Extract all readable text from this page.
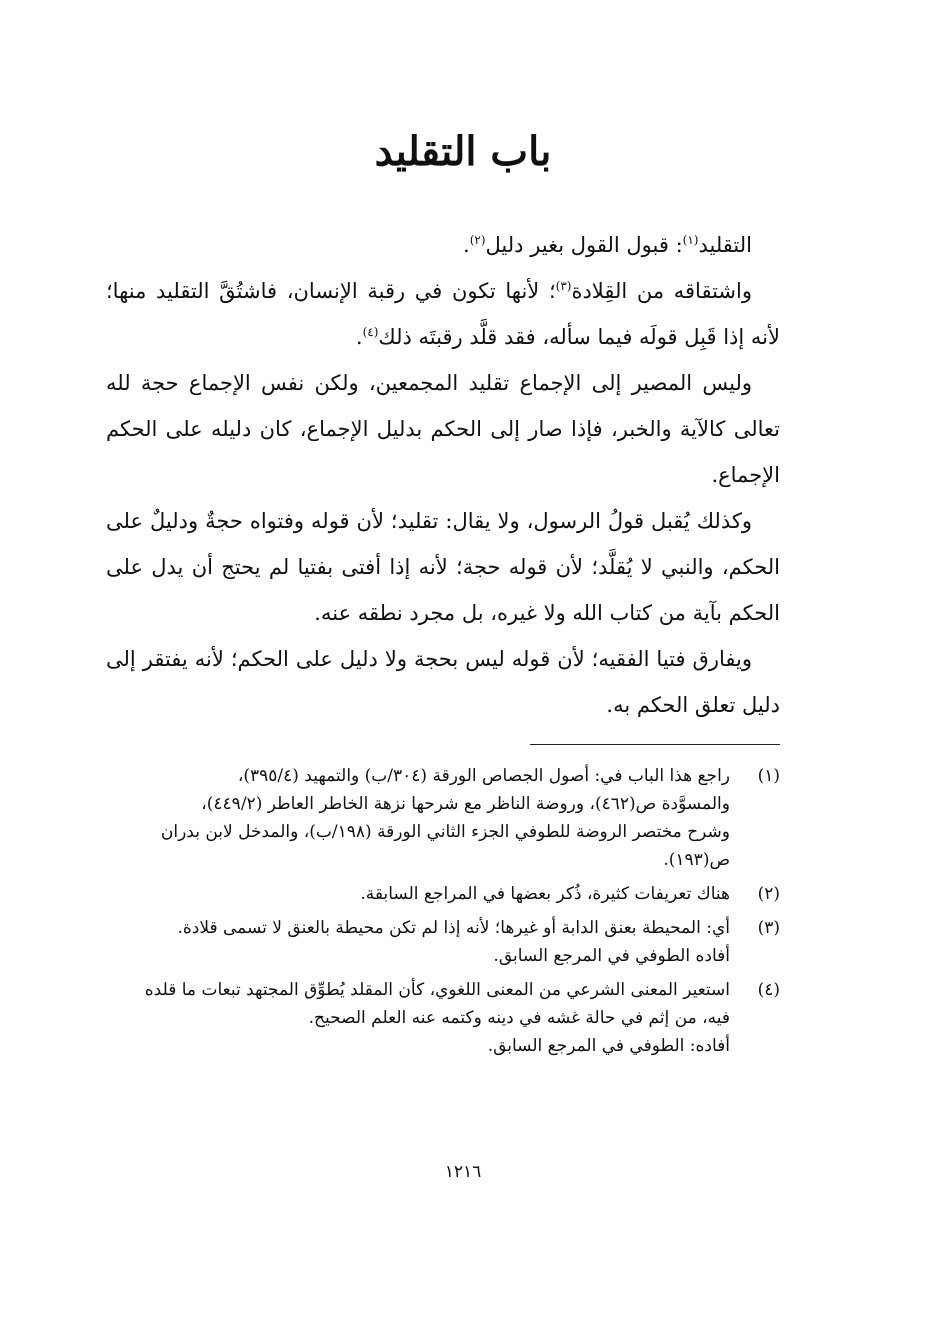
باب التقليد

التقليد$^{(١)}$: قبول القول بغير دليل$^{(٢)}$.

واشتقاقه من القِلادة$^{(٣)}$؛ لأنها تكون في رقبة الإنسان، فاشتُقَّ التقليد منها؛ لأنه إذا قَبِل قولَه فيما سأله، فقد قلَّد رقبتَه ذلك$^{(٤)}$.

وليس المصير إلى الإجماع تقليد المجمعين، ولكن نفس الإجماع حجة لله تعالى كالآية والخبر، فإذا صار إلى الحكم بدليل الإجماع، كان دليله على الحكم الإجماع.

وكذلك يُقبل قولُ الرسول، ولا يقال: تقليد؛ لأن قوله وفتواه حجةٌ ودليلٌ على الحكم، والنبي لا يُقلَّد؛ لأن قوله حجة؛ لأنه إذا أفتى بفتيا لم يحتج أن يدل على الحكم بآية من كتاب الله ولا غيره، بل مجرد نطقه عنه.

ويفارق فتيا الفقيه؛ لأن قوله ليس بحجة ولا دليل على الحكم؛ لأنه يفتقر إلى دليل تعلق الحكم به.

(١)
راجع هذا الباب في: أصول الجصاص الورقة (٣٠٤/ب) والتمهيد (٣٩٥/٤)،
والمسوَّدة ص(٤٦٢)، وروضة الناظر مع شرحها نزهة الخاطر العاطر (٤٤٩/٢)،
وشرح مختصر الروضة للطوفي الجزء الثاني الورقة (١٩٨/ب)، والمدخل لابن بدران
ص(١٩٣).
(٢)
هناك تعريفات كثيرة، ذُكر بعضها في المراجع السابقة.
(٣)
أي: المحيطة بعنق الدابة أو غيرها؛ لأنه إذا لم تكن محيطة بالعنق لا تسمى قلادة.
أفاده الطوفي في المرجع السابق.
(٤)
استعير المعنى الشرعي من المعنى اللغوي، كأن المقلد يُطوِّق المجتهد تبعات ما قلده
فيه، من إثم في حالة غشه في دينه وكتمه عنه العلم الصحيح.
أفاده: الطوفي في المرجع السابق.
١٢١٦
